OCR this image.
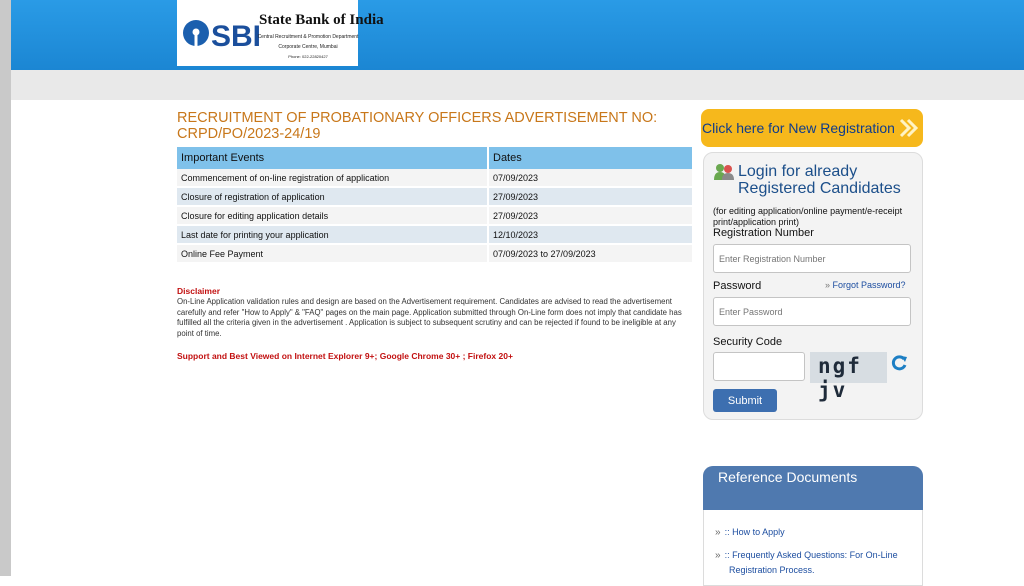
SBI
State Bank of India
Central Recruitment & Promotion Department
Corporate Centre, Mumbai
Phone: 022-22820427
RECRUITMENT OF PROBATIONARY OFFICERS ADVERTISEMENT NO: CRPD/PO/2023-24/19
Important Events	Dates
Commencement of on-line registration of application	07/09/2023
Closure of registration of application	27/09/2023
Closure for editing application details	27/09/2023
Last date for printing your application	12/10/2023
Online Fee Payment	07/09/2023 to 27/09/2023
Disclaimer
On-Line Application validation rules and design are based on the Advertisement requirement. Candidates are advised to read the advertisement carefully and refer "How to Apply" & "FAQ" pages on the main page. Application submitted through On-Line form does not imply that candidate has fulfilled all the criteria given in the advertisement . Application is subject to subsequent scrutiny and can be rejected if found to be ineligible at any point of time.
Support and Best Viewed on Internet Explorer 9+; Google Chrome 30+ ; Firefox 20+
Click here for New Registration
Login for already
Registered Candidates
(for editing application/online payment/e-receipt print/application print)
Registration Number
Enter Registration Number
Password	» Forgot Password?
Security Code
ngf jv
Submit
Reference Documents
» :: How to Apply
» :: Frequently Asked Questions: For On-Line Registration Process.
